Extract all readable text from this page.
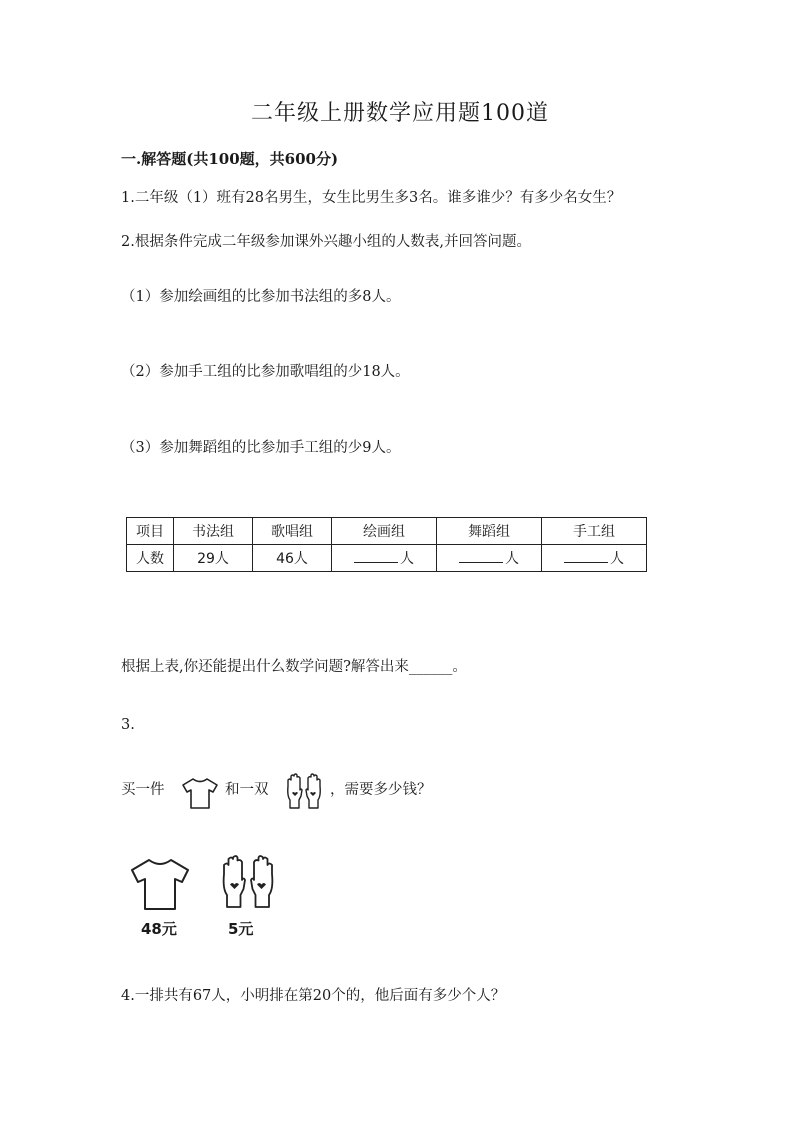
二年级上册数学应用题100道
一.解答题(共100题，共600分)
1.二年级（1）班有28名男生，女生比男生多3名。谁多谁少？有多少名女生？
2.根据条件完成二年级参加课外兴趣小组的人数表,并回答问题。
（1）参加绘画组的比参加书法组的多8人。
（2）参加手工组的比参加歌唱组的少18人。
（3）参加舞蹈组的比参加手工组的少9人。
项目	书法组	歌唱组	绘画组	舞蹈组	手工组
人数	29人	46人	人	人	人
根据上表,你还能提出什么数学问题?解答出来______。
3.
买一件	和一双	，需要多少钱？
48元	5元
4.一排共有67人，小明排在第20个的，他后面有多少个人？
